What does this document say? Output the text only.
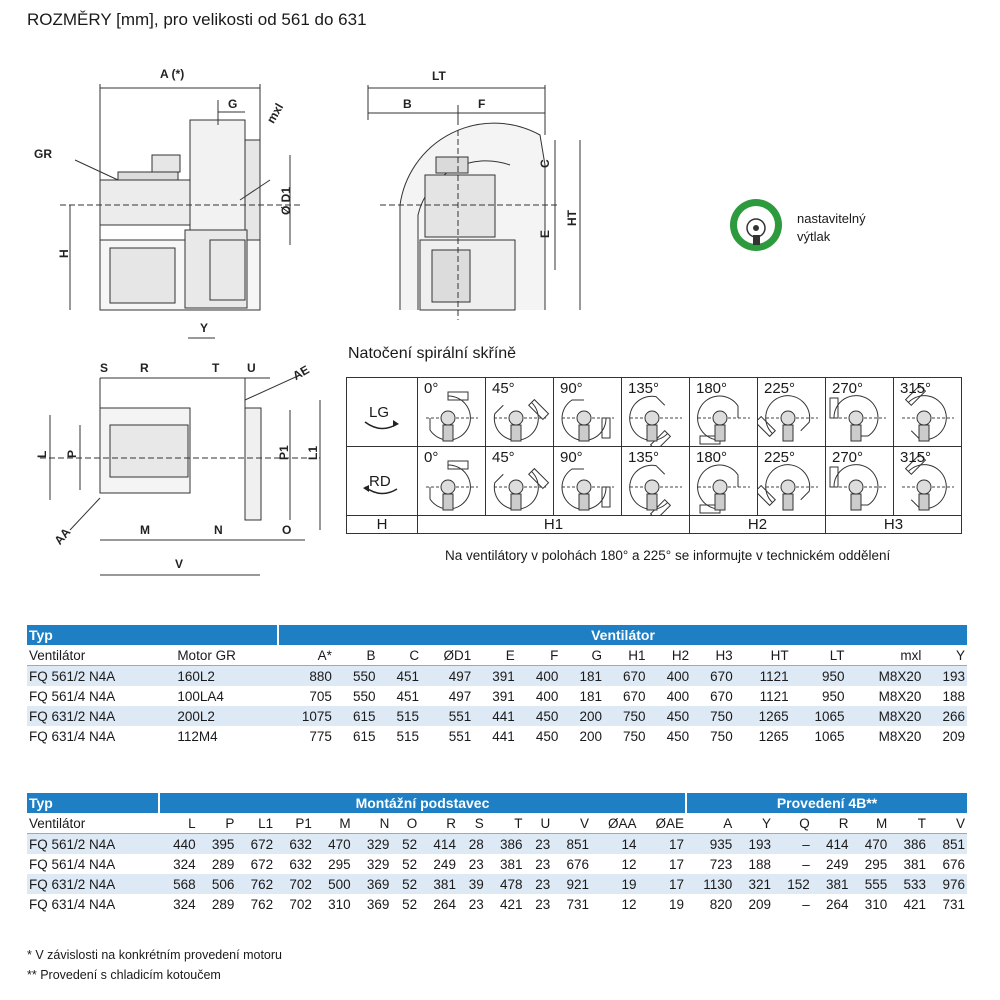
ROZMĚRY [mm], pro velikosti od 561 do 631
A (*)
G mxl
GR
Ø D1
H
Y
LT
B	F
C
E
HT
S	R	T U	AE
L P	P1 L1
AA	M	N	O
V
nastavitelný
výtlak
Natočení spirální skříně
LG	0°	45°	90°	135°	180°	225°	270°	315°

RD	0°	45°	90°	135°	180°	225°	270°	315°

H	H1				H2		H3	
Na ventilátory v polohách 180° a 225° se informujte v technickém oddělení
Typ		Ventilátor													
Ventilátor	Motor GR	A*	B	C	ØD1	E	F	G	H1	H2	H3	HT	LT	mxl	Y
FQ 561/2 N4A	160L2	880	550	451	497	391	400	181	670	400	670	1121	950	M8X20	193
FQ 561/4 N4A	100LA4	705	550	451	497	391	400	181	670	400	670	1121	950	M8X20	188
FQ 631/2 N4A	200L2	1075	615	515	551	441	450	200	750	450	750	1265	1065	M8X20	266
FQ 631/4 N4A	112M4	775	615	515	551	441	450	200	750	450	750	1265	1065	M8X20	209
Typ	Montážní podstavec														Provedení 4B**						
Ventilátor	L	P	L1	P1	M	N	O	R	S	T	U	V	ØAA	ØAE	A	Y	Q	R	M	T	V
FQ 561/2 N4A	440	395	672	632	470	329	52	414	28	386	23	851	14	17	935	193	–	414	470	386	851
FQ 561/4 N4A	324	289	672	632	295	329	52	249	23	381	23	676	12	17	723	188	–	249	295	381	676
FQ 631/2 N4A	568	506	762	702	500	369	52	381	39	478	23	921	19	17	1130	321	152	381	555	533	976
FQ 631/4 N4A	324	289	762	702	310	369	52	264	23	421	23	731	12	19	820	209	–	264	310	421	731
* V závislosti na konkrétním provedení motoru
** Provedení s chladicím kotoučem
